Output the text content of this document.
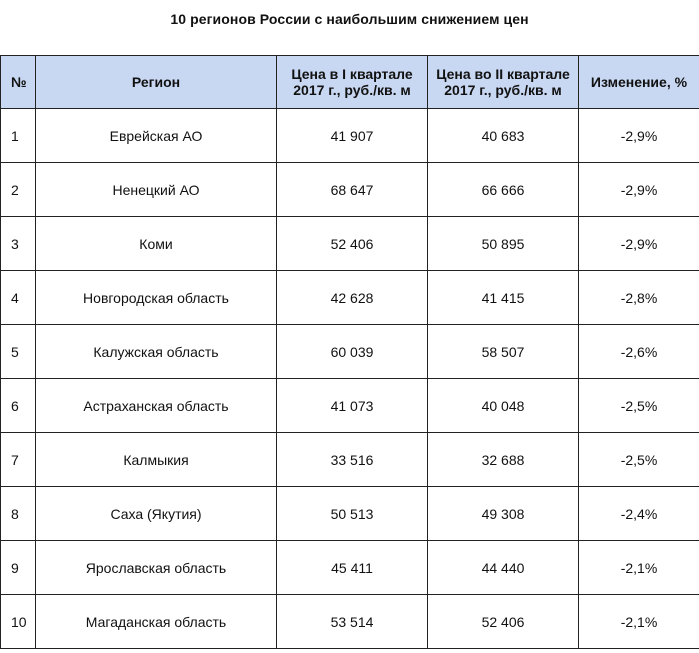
10 регионов России с наибольшим снижением цен
№	Регион	Цена в I квартале 2017 г., руб./кв. м	Цена во II квартале 2017 г., руб./кв. м	Изменение, %
1	Еврейская АО	41 907	40 683	-2,9%
2	Ненецкий АО	68 647	66 666	-2,9%
3	Коми	52 406	50 895	-2,9%
4	Новгородская область	42 628	41 415	-2,8%
5	Калужская область	60 039	58 507	-2,6%
6	Астраханская область	41 073	40 048	-2,5%
7	Калмыкия	33 516	32 688	-2,5%
8	Саха (Якутия)	50 513	49 308	-2,4%
9	Ярославская область	45 411	44 440	-2,1%
10	Магаданская область	53 514	52 406	-2,1%
